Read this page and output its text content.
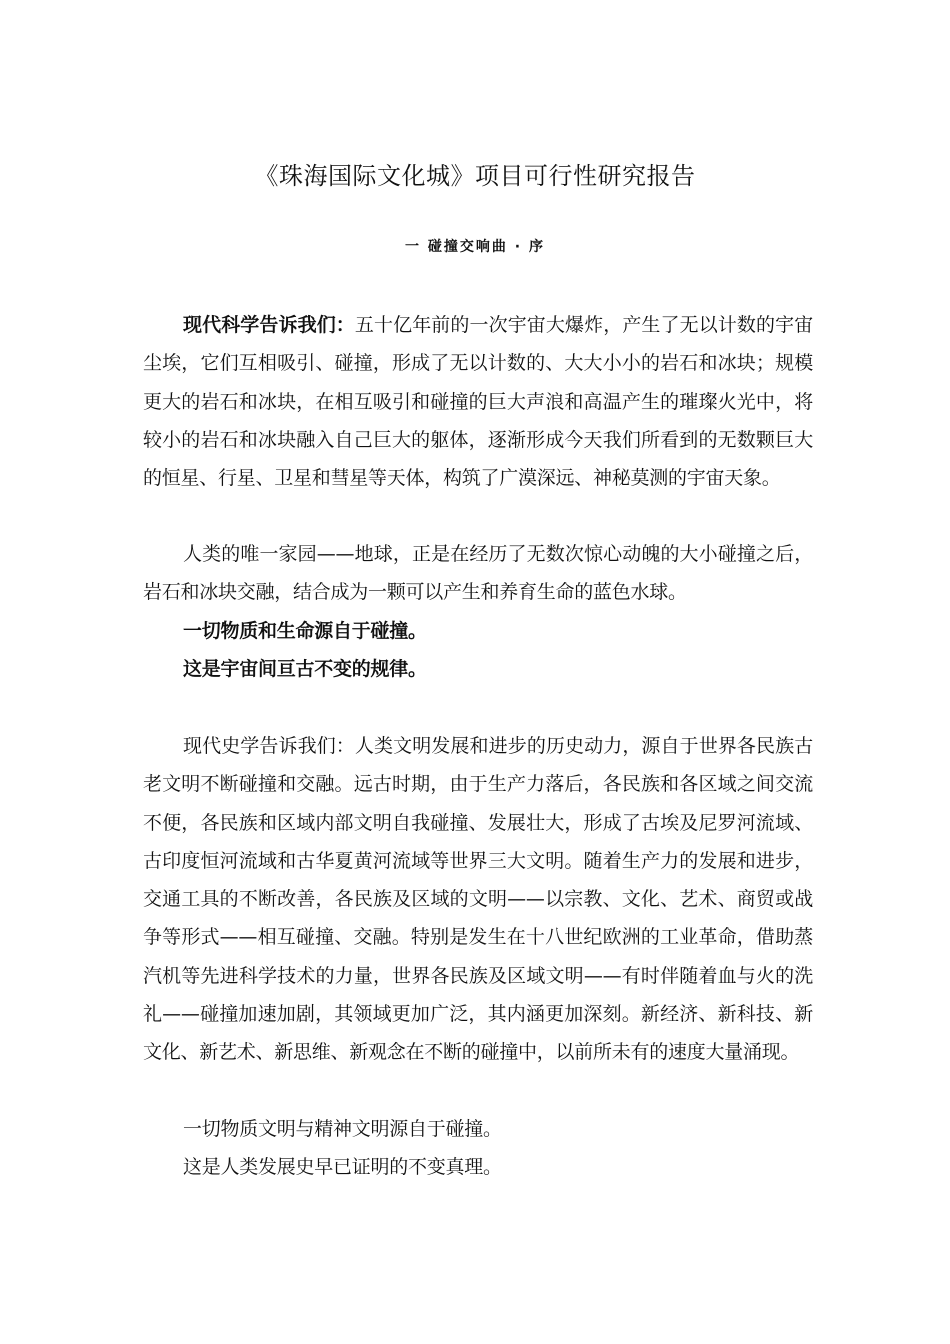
《珠海国际文化城》项目可行性研究报告
一 碰撞交响曲 · 序

现代科学告诉我们：五十亿年前的一次宇宙大爆炸，产生了无以计数的宇宙尘埃，它们互相吸引、碰撞，形成了无以计数的、大大小小的岩石和冰块；规模更大的岩石和冰块，在相互吸引和碰撞的巨大声浪和高温产生的璀璨火光中，将较小的岩石和冰块融入自己巨大的躯体，逐渐形成今天我们所看到的无数颗巨大的恒星、行星、卫星和彗星等天体，构筑了广漠深远、神秘莫测的宇宙天象。

人类的唯一家园——地球，正是在经历了无数次惊心动魄的大小碰撞之后，岩石和冰块交融，结合成为一颗可以产生和养育生命的蓝色水球。

一切物质和生命源自于碰撞。

这是宇宙间亘古不变的规律。

现代史学告诉我们：人类文明发展和进步的历史动力，源自于世界各民族古老文明不断碰撞和交融。远古时期，由于生产力落后，各民族和各区域之间交流不便，各民族和区域内部文明自我碰撞、发展壮大，形成了古埃及尼罗河流域、古印度恒河流域和古华夏黄河流域等世界三大文明。随着生产力的发展和进步，交通工具的不断改善，各民族及区域的文明——以宗教、文化、艺术、商贸或战争等形式——相互碰撞、交融。特别是发生在十八世纪欧洲的工业革命，借助蒸汽机等先进科学技术的力量，世界各民族及区域文明——有时伴随着血与火的洗礼——碰撞加速加剧，其领域更加广泛，其内涵更加深刻。新经济、新科技、新文化、新艺术、新思维、新观念在不断的碰撞中，以前所未有的速度大量涌现。

一切物质文明与精神文明源自于碰撞。

这是人类发展史早已证明的不变真理。
